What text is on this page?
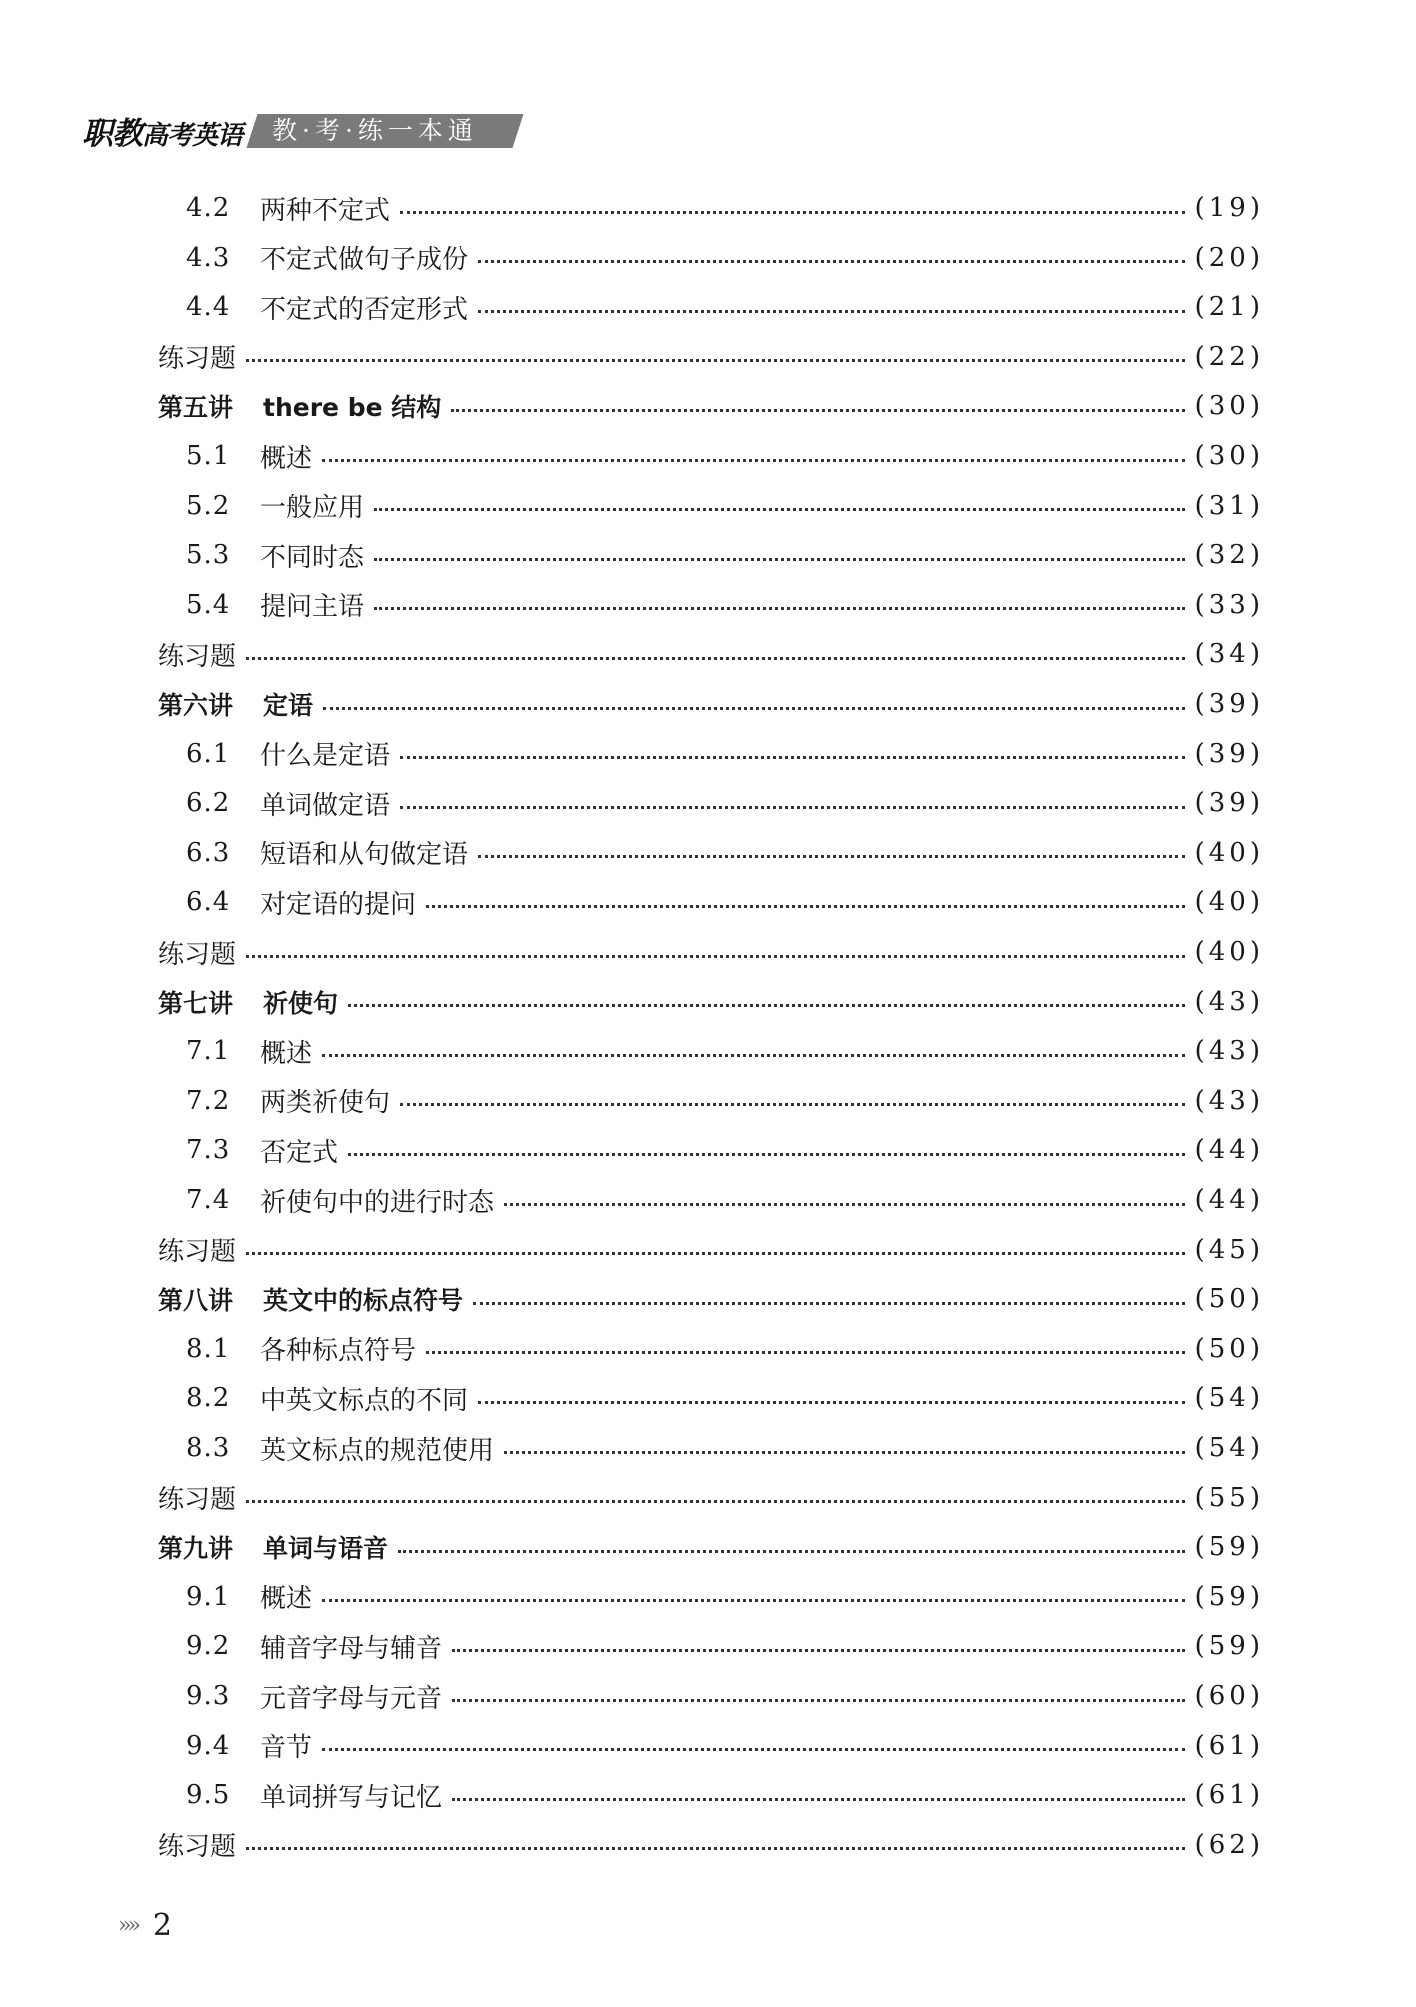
职教高考英语	教·考·练一本通
4.2	两种不定式	(19)
4.3	不定式做句子成份	(20)
4.4	不定式的否定形式	(21)
练习题	(22)
第五讲 there be 结构	(30)
5.1	概述	(30)
5.2	一般应用	(31)
5.3	不同时态	(32)
5.4	提问主语	(33)
练习题	(34)
第六讲 定语	(39)
6.1	什么是定语	(39)
6.2	单词做定语	(39)
6.3	短语和从句做定语	(40)
6.4	对定语的提问	(40)
练习题	(40)
第七讲 祈使句	(43)
7.1	概述	(43)
7.2	两类祈使句	(43)
7.3	否定式	(44)
7.4	祈使句中的进行时态	(44)
练习题	(45)
第八讲 英文中的标点符号	(50)
8.1	各种标点符号	(50)
8.2	中英文标点的不同	(54)
8.3	英文标点的规范使用	(54)
练习题	(55)
第九讲 单词与语音	(59)
9.1	概述	(59)
9.2	辅音字母与辅音	(59)
9.3	元音字母与元音	(60)
9.4	音节	(61)
9.5	单词拼写与记忆	(61)
练习题	(62)
»» 2
